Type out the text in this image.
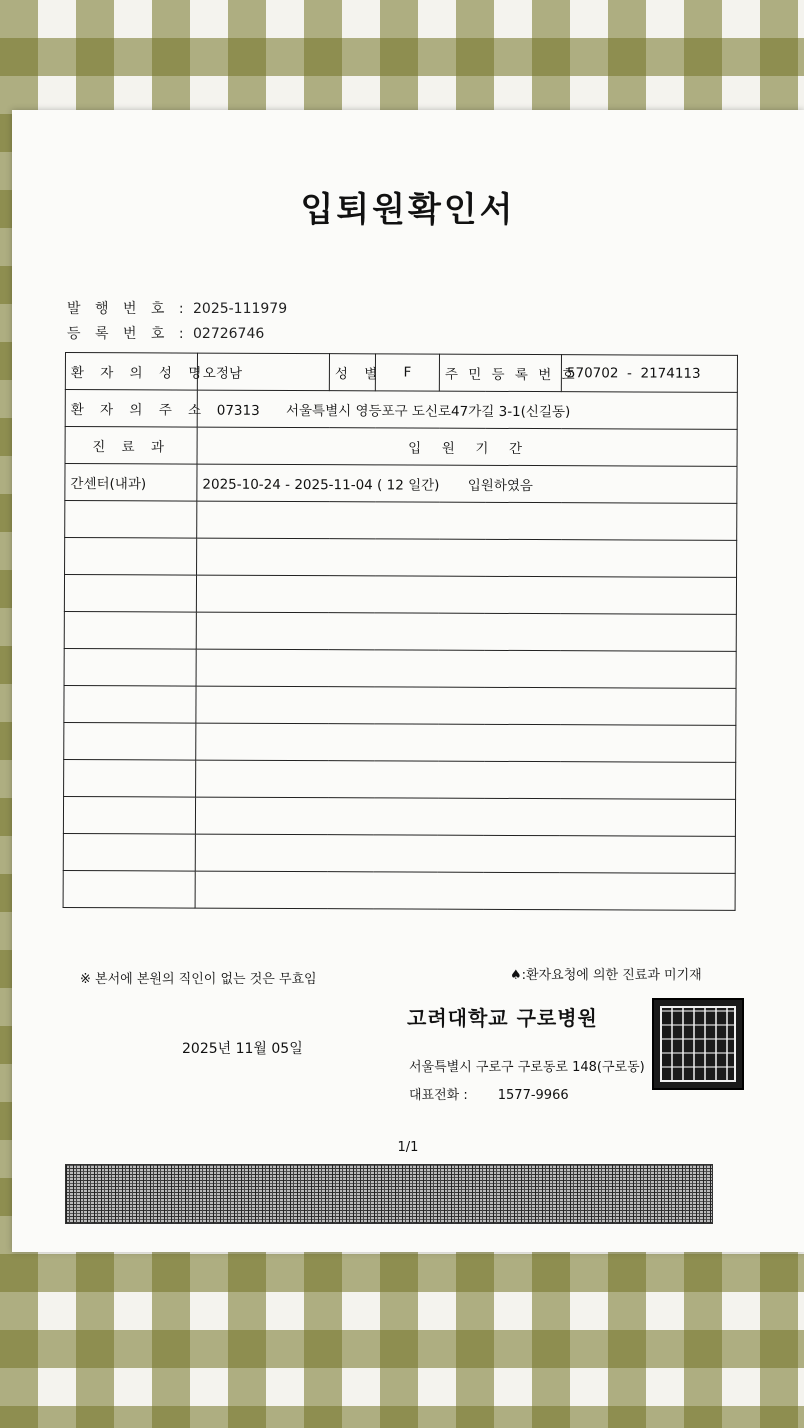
입퇴원확인서
발 행 번 호 : 2025-111979
등 록 번 호 : 02726746
환 자 의 성 명	오정남	성 별	F	주 민 등 록 번 호	570702  -  2174113
환 자 의 주 소	07313 서울특별시 영등포구 도신로47가길 3-1(신길동)				
진 료 과	입  원  기  간				
간센터(내과)	2025-10-24 - 2025-11-04 ( 12 일간) 입원하였음				

※ 본서에 본원의 직인이 없는 것은 무효임	♠:환자요청에 의한 진료과 미기재
고려대학교 구로병원
2025년 11월 05일
서울특별시 구로구 구로동로 148(구로동)
대표전화 : 1577-9966
1/1
